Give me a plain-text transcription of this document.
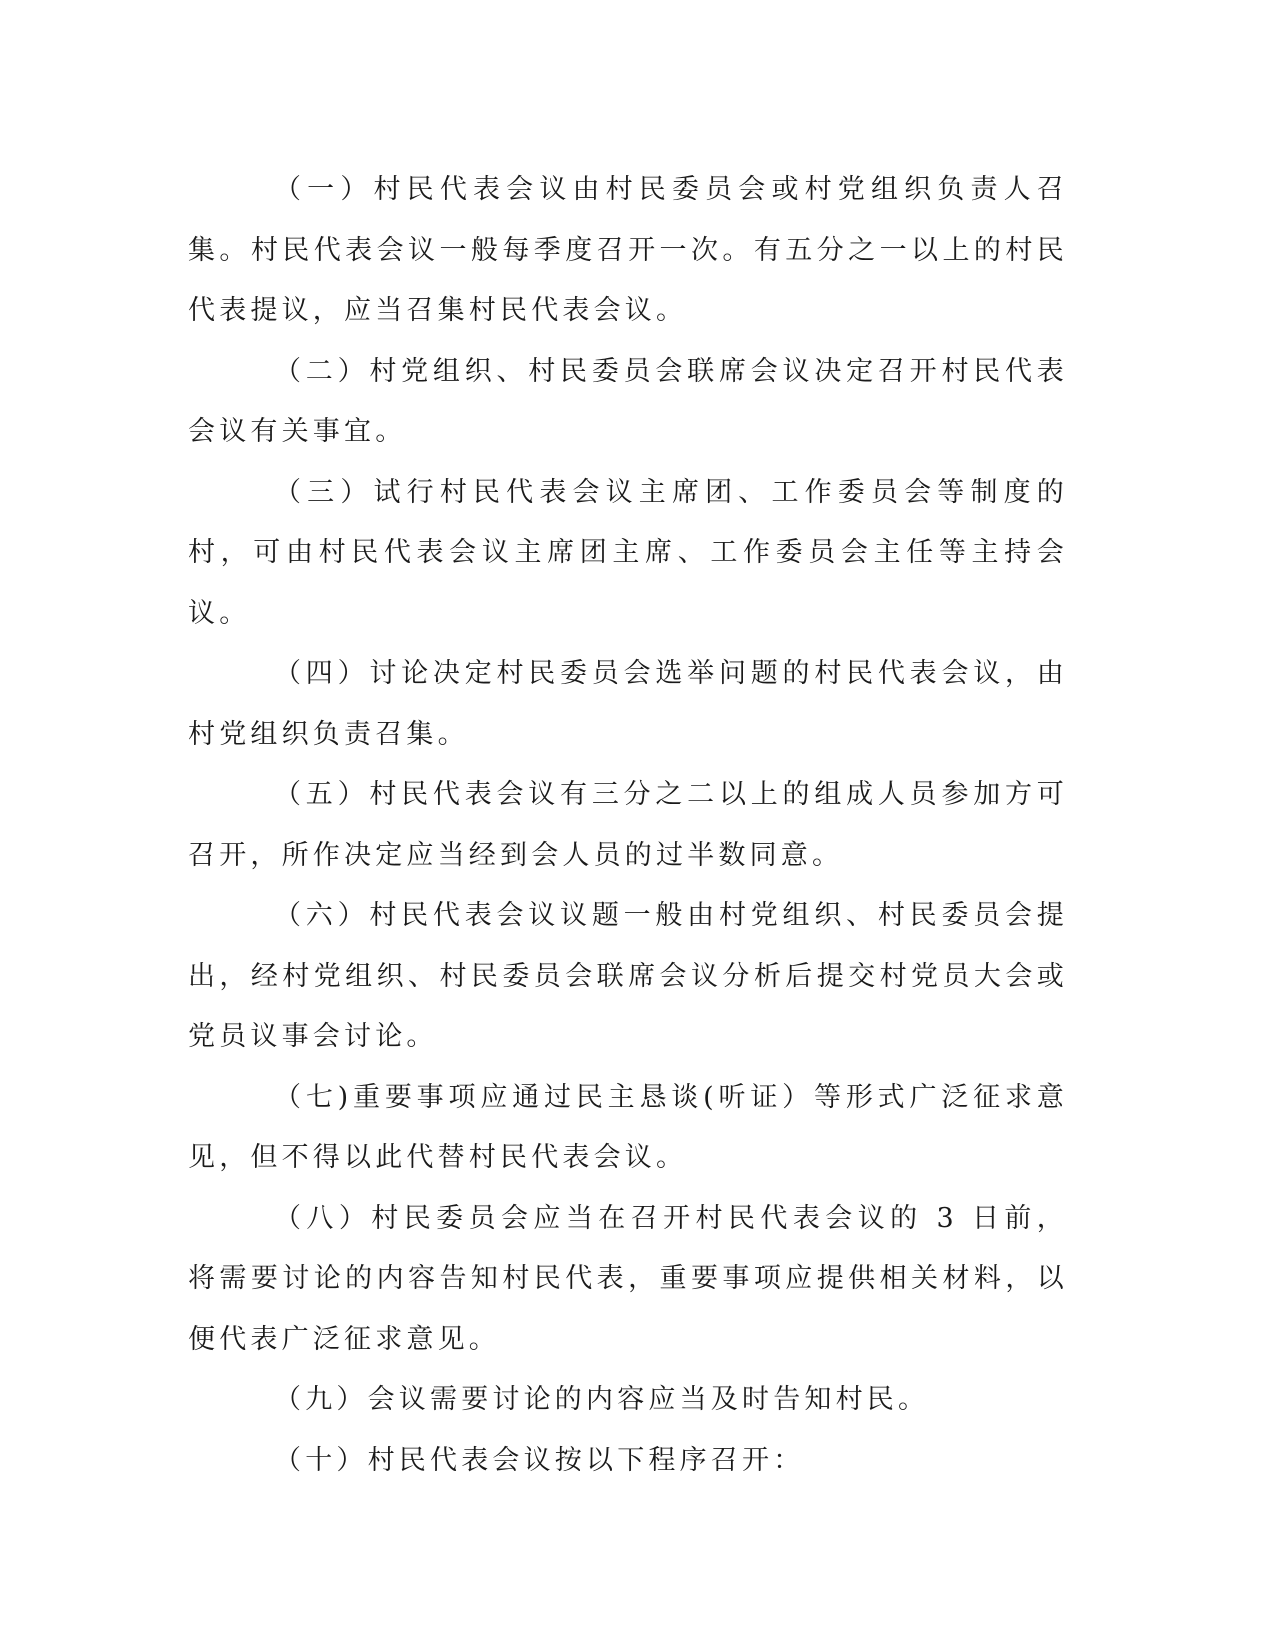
（一）村民代表会议由村民委员会或村党组织负责人召集。村民代表会议一般每季度召开一次。有五分之一以上的村民代表提议，应当召集村民代表会议。

（二）村党组织、村民委员会联席会议决定召开村民代表会议有关事宜。

（三）试行村民代表会议主席团、工作委员会等制度的村，可由村民代表会议主席团主席、工作委员会主任等主持会议。

（四）讨论决定村民委员会选举问题的村民代表会议，由村党组织负责召集。

（五）村民代表会议有三分之二以上的组成人员参加方可召开，所作决定应当经到会人员的过半数同意。

（六）村民代表会议议题一般由村党组织、村民委员会提出，经村党组织、村民委员会联席会议分析后提交村党员大会或党员议事会讨论。

（七)重要事项应通过民主恳谈(听证）等形式广泛征求意见，但不得以此代替村民代表会议。

（八）村民委员会应当在召开村民代表会议的 3 日前，将需要讨论的内容告知村民代表，重要事项应提供相关材料，以便代表广泛征求意见。

（九）会议需要讨论的内容应当及时告知村民。

（十）村民代表会议按以下程序召开：
